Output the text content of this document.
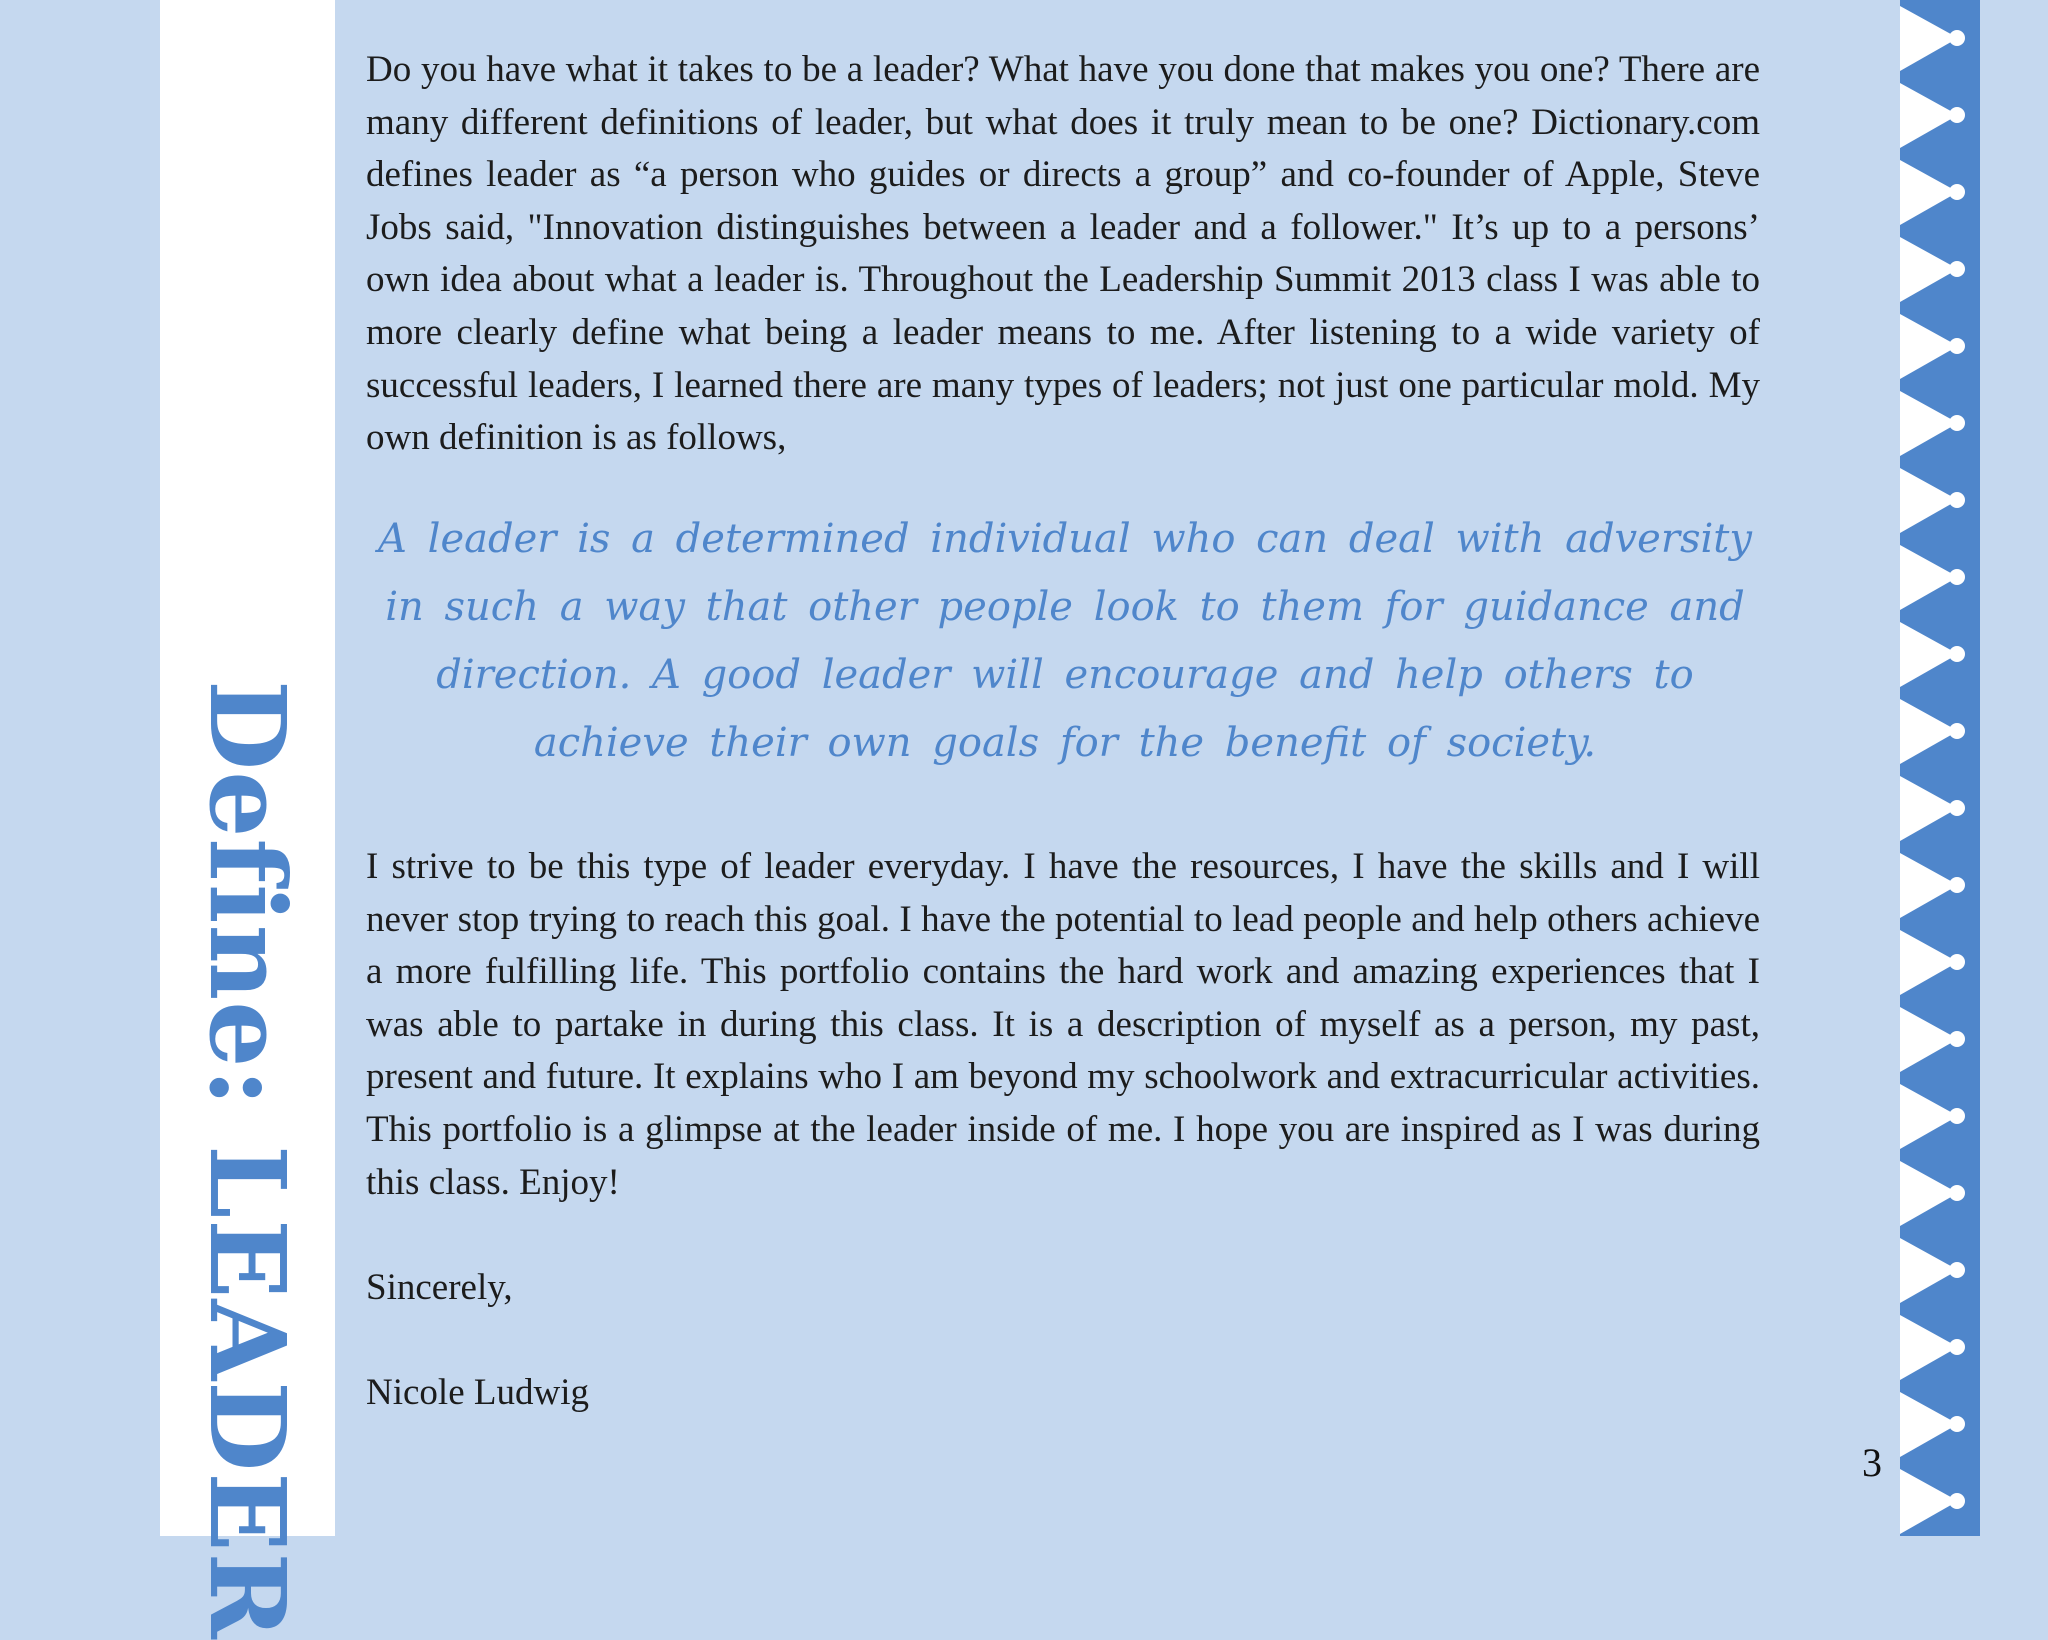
Define: LEADER

Do you have what it takes to be a leader? What have you done that makes you one? There are many different definitions of leader, but what does it truly mean to be one? Dictionary.com defines leader as “a person who guides or directs a group” and co-founder of Apple, Steve Jobs said, "Innovation distinguishes between a leader and a follower." It’s up to a persons’ own idea about what a leader is. Throughout the Leadership Summit 2013 class I was able to more clearly define what being a leader means to me. After listening to a wide variety of successful leaders, I learned there are many types of leaders; not just one particular mold. My own definition is as follows,

A leader is a determined individual who can deal with adversity in such a way that other people look to them for guidance and direction. A good leader will encourage and help others to achieve their own goals for the benefit of society.

I strive to be this type of leader everyday. I have the resources, I have the skills and I will never stop trying to reach this goal. I have the potential to lead people and help others achieve a more fulfilling life. This portfolio contains the hard work and amazing experiences that I was able to partake in during this class. It is a description of myself as a person, my past, present and future. It explains who I am beyond my schoolwork and extracurricular activities. This portfolio is a glimpse at the leader inside of me. I hope you are inspired as I was during this class. Enjoy!

Sincerely,

Nicole Ludwig

3
